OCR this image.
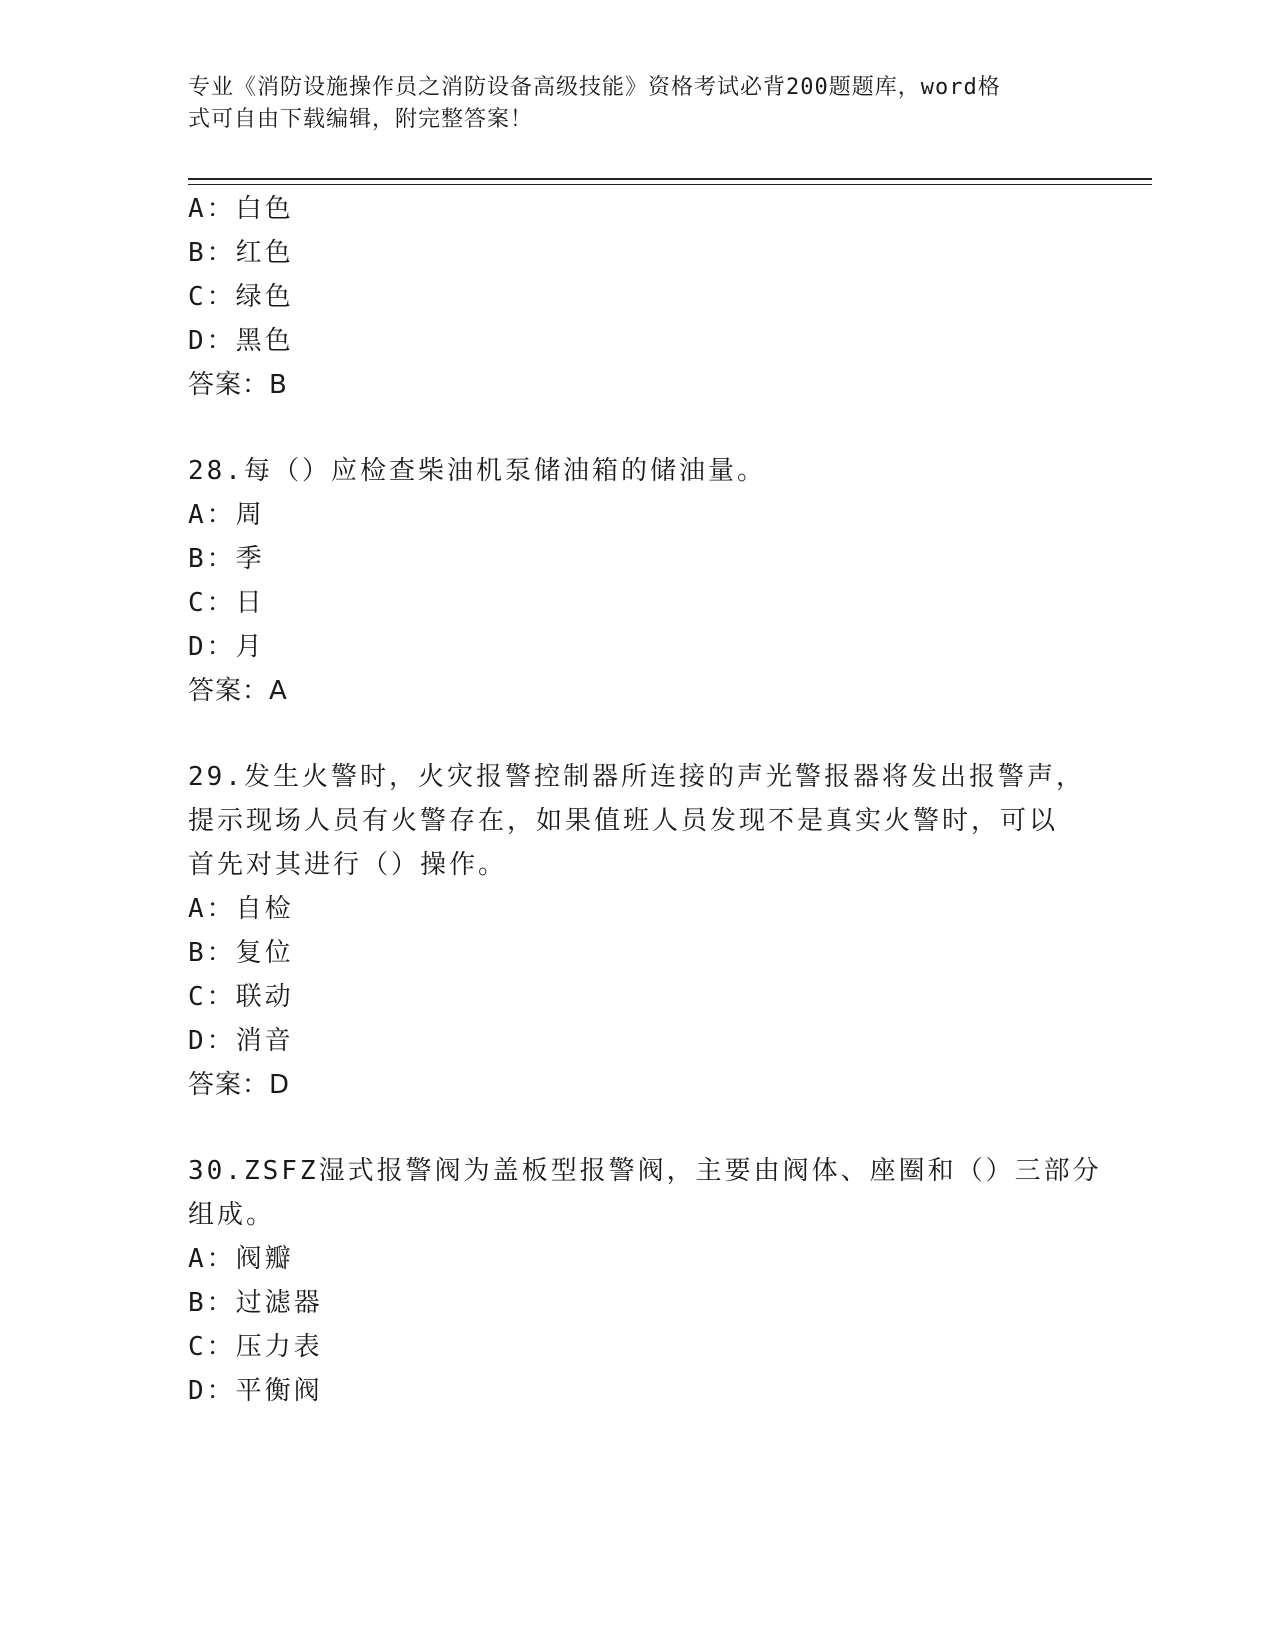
专业《消防设施操作员之消防设备高级技能》资格考试必背200题题库，word格
式可自由下载编辑，附完整答案！
A：白色
B：红色
C：绿色
D：黑色
答案：B
28.每（）应检查柴油机泵储油箱的储油量。
A：周
B：季
C：日
D：月
答案：A
29.发生火警时，火灾报警控制器所连接的声光警报器将发出报警声，
提示现场人员有火警存在，如果值班人员发现不是真实火警时，可以
首先对其进行（）操作。
A：自检
B：复位
C：联动
D：消音
答案：D
30.ZSFZ湿式报警阀为盖板型报警阀，主要由阀体、座圈和（）三部分
组成。
A：阀瓣
B：过滤器
C：压力表
D：平衡阀
